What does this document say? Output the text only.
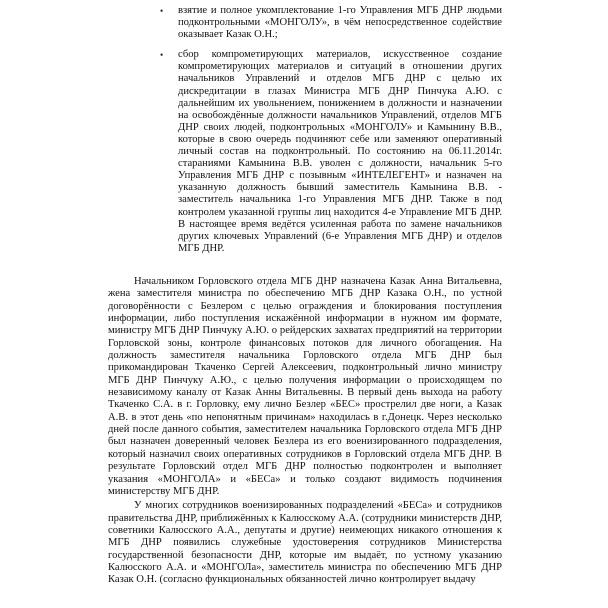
• взятие и полное укомплектование 1-го Управления МГБ ДНР людьми подконтрольными «МОНГОЛУ», в чём непосредственное содействие оказывает Казак О.Н.;

• сбор компрометирующих материалов, искусственное создание компрометирующих материалов и ситуаций в отношении других начальников Управлений и отделов МГБ ДНР с целью их дискредитации в глазах Министра МГБ ДНР Пинчука А.Ю. с дальнейшим их увольнением, понижением в должности и назначении на освобождённые должности начальников Управлений, отделов МГБ ДНР своих людей, подконтрольных «МОНГОЛУ» и Камынину В.В., которые в свою очередь подчиняют себе или заменяют оперативный личный состав на подконтрольный. По состоянию на 06.11.2014г. стараниями Камынина В.В. уволен с должности, начальник 5-го Управления МГБ ДНР с позывным «ИНТЕЛЕГЕНТ» и назначен на указанную должность бывший заместитель Камынина В.В. - заместитель начальника 1-го Управления МГБ ДНР. Также в под контролем указанной группы лиц находится 4-е Управление МГБ ДНР. В настоящее время ведётся усиленная работа по замене начальников других ключевых Управлений (6-е Управления МГБ ДНР) и отделов МГБ ДНР.

Начальником Горловского отдела МГБ ДНР назначена Казак Анна Витальевна, жена заместителя министра по обеспечению МГБ ДНР Казака О.Н., по устной договорённости с Безлером с целью ограждения и блокирования поступления информации, либо поступления искажённой информации в нужном им формате, министру МГБ ДНР Пинчуку А.Ю. о рейдерских захватах предприятий на территории Горловской зоны, контроле финансовых потоков для личного обогащения. На должность заместителя начальника Горловского отдела МГБ ДНР был прикомандирован Ткаченко Сергей Алексеевич, подконтрольный лично министру МГБ ДНР Пинчуку А.Ю., с целью получения информации о происходящем по независимому каналу от Казак Анны Витальевны. В первый день выхода на работу Ткаченко С.А. в г. Горловку, ему лично Безлер «БЕС» прострелил две ноги, а Казак А.В. в этот день «по непонятным причинам» находилась в г.Донецк. Через несколько дней после данного события, заместителем начальника Горловского отдела МГБ ДНР был назначен доверенный человек Безлера из его военизированного подразделения, который назначил своих оперативных сотрудников в Горловский отдела МГБ ДНР. В результате Горловский отдел МГБ ДНР полностью подконтролен и выполняет указания «МОНГОЛА» и «БЕСа» и только создают видимость подчинения министерству МГБ ДНР.

У многих сотрудников военизированных подразделений «БЕСа» и сотрудников правительства ДНР, приближённых к Калюсскому А.А. (сотрудники министерств ДНР, советники Калюсского А.А., депутаты и другие) неимеющих никакого отношения к МГБ ДНР появились служебные удостоверения сотрудников Министерства государственной безопасности ДНР, которые им выдаёт, по устному указанию Калюсского А.А. и «МОНГОЛа», заместитель министра по обеспечению МГБ ДНР Казак О.Н. (согласно функциональных обязанностей лично контролирует выдачу
